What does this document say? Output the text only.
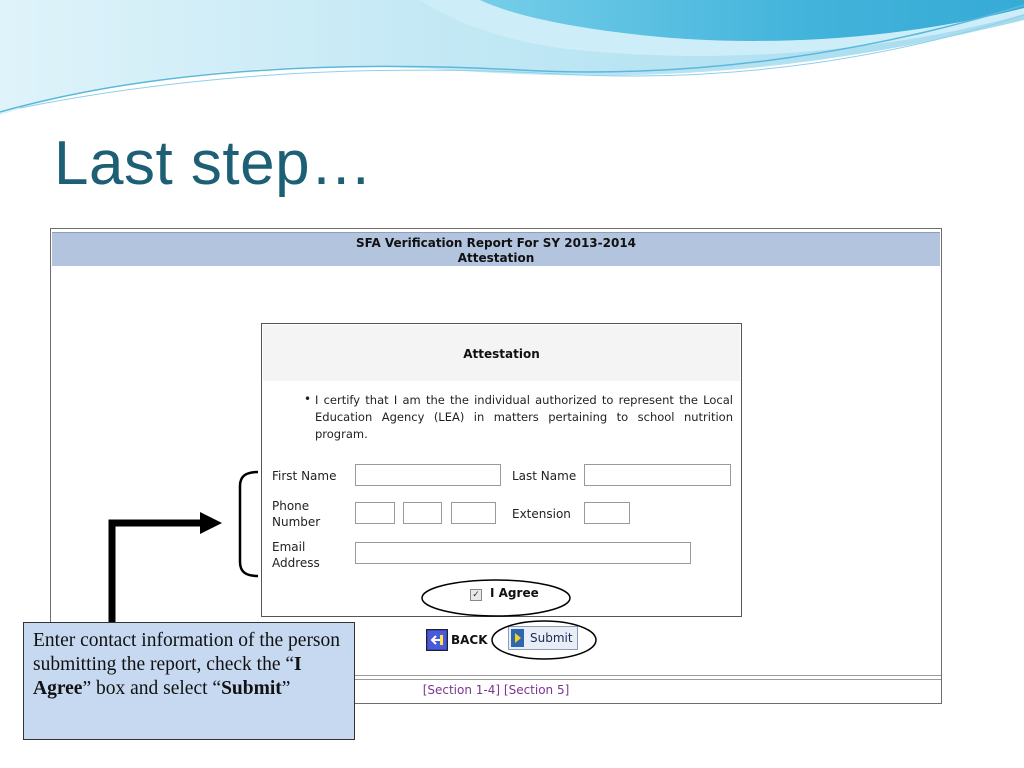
Last step…
SFA Verification Report For SY 2013-2014
Attestation
Attestation
• I certify that I am the the individual authorized to represent the Local Education Agency (LEA) in matters pertaining to school nutrition program.
First Name	Last Name
Phone
Number
Extension
Email
Address
✓ I Agree
BACK	Submit
[Section 1-4] [Section 5]
Enter contact information of the person submitting the report, check the “I Agree” box and select “Submit”
